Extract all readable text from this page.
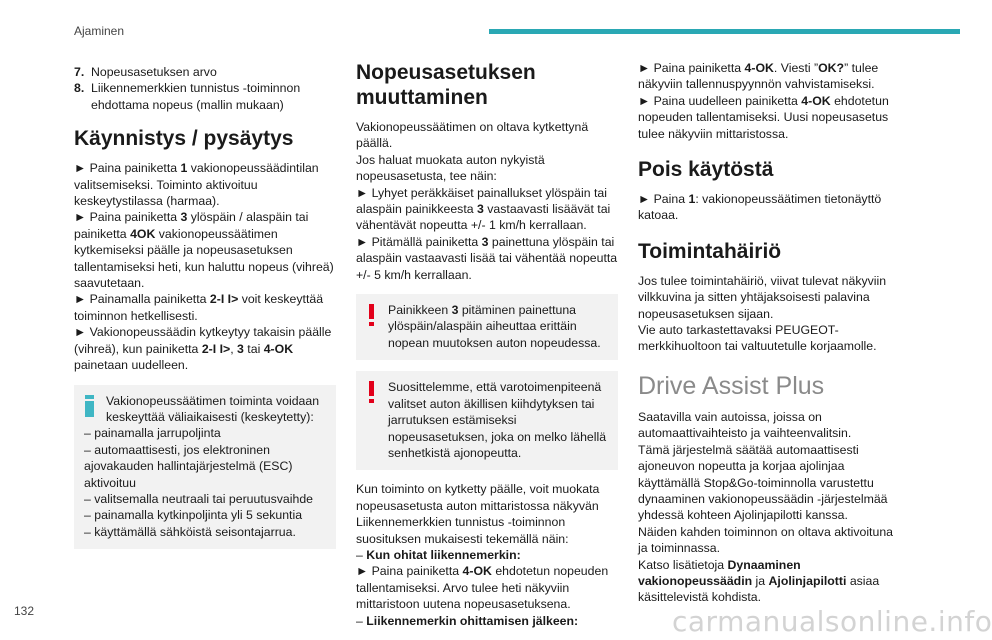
Ajaminen
7. Nopeusasetuksen arvo
8. Liikennemerkkien tunnistus -toiminnon ehdottama nopeus (mallin mukaan)
Käynnistys / pysäytys

► Paina painiketta 1 vakionopeussäädintilan valitsemiseksi. Toiminto aktivoituu keskeytystilassa (harmaa).

► Paina painiketta 3 ylöspäin / alaspäin tai painiketta 4OK vakionopeussäätimen kytkemiseksi päälle ja nopeusasetuksen tallentamiseksi heti, kun haluttu nopeus (vihreä) saavutetaan.

► Painamalla painiketta 2-I I> voit keskeyttää toiminnon hetkellisesti.

► Vakionopeussäädin kytkeytyy takaisin päälle (vihreä), kun painiketta 2-I I>, 3 tai 4-OK painetaan uudelleen.

Vakionopeussäätimen toiminta voidaan keskeyttää väliaikaisesti (keskeytetty):

– painamalla jarrupoljinta

– automaattisesti, jos elektroninen ajovakauden hallintajärjestelmä (ESC) aktivoituu

– valitsemalla neutraali tai peruutusvaihde

– painamalla kytkinpoljinta yli 5 sekuntia

– käyttämällä sähköistä seisontajarrua.

Nopeusasetuksen muuttaminen

Vakionopeussäätimen on oltava kytkettynä päällä.
Jos haluat muokata auton nykyistä nopeusasetusta, tee näin:

► Lyhyet peräkkäiset painallukset ylöspäin tai alaspäin painikkeesta 3 vastaavasti lisäävät tai vähentävät nopeutta +/- 1 km/h kerrallaan.

► Pitämällä painiketta 3 painettuna ylöspäin tai alaspäin vastaavasti lisää tai vähentää nopeutta +/- 5 km/h kerrallaan.

Painikkeen 3 pitäminen painettuna ylöspäin/alaspäin aiheuttaa erittäin nopean muutoksen auton nopeudessa.

Suosittelemme, että varotoimenpiteenä valitset auton äkillisen kiihdytyksen tai jarrutuksen estämiseksi nopeusasetuksen, joka on melko lähellä senhetkistä ajonopeutta.

Kun toiminto on kytketty päälle, voit muokata nopeusasetusta auton mittaristossa näkyvän Liikennemerkkien tunnistus -toiminnon suosituksen mukaisesti tekemällä näin:

– Kun ohitat liikennemerkin:

► Paina painiketta 4-OK ehdotetun nopeuden tallentamiseksi. Arvo tulee heti näkyviin mittaristoon uutena nopeusasetuksena.

– Liikennemerkin ohittamisen jälkeen:

► Paina painiketta 4-OK. Viesti ”OK?” tulee näkyviin tallennuspyynnön vahvistamiseksi.

► Paina uudelleen painiketta 4-OK ehdotetun nopeuden tallentamiseksi. Uusi nopeusasetus tulee näkyviin mittaristossa.

Pois käytöstä

► Paina 1: vakionopeussäätimen tietonäyttö katoaa.

Toimintahäiriö

Jos tulee toimintahäiriö, viivat tulevat näkyviin vilkkuvina ja sitten yhtäjaksoisesti palavina nopeusasetuksen sijaan.
Vie auto tarkastettavaksi PEUGEOT-merkkihuoltoon tai valtuutetulle korjaamolle.

Drive Assist Plus

Saatavilla vain autoissa, joissa on automaattivaihteisto ja vaihteenvalitsin.
Tämä järjestelmä säätää automaattisesti ajoneuvon nopeutta ja korjaa ajolinjaa käyttämällä Stop&Go-toiminnolla varustettu dynaaminen vakionopeussäädin -järjestelmää yhdessä kohteen Ajolinjapilotti kanssa.
Näiden kahden toiminnon on oltava aktivoituna ja toiminnassa.
Katso lisätietoja Dynaaminen vakionopeussäädin ja Ajolinjapilotti asiaa käsittelevistä kohdista.

132	carmanualsonline.info
